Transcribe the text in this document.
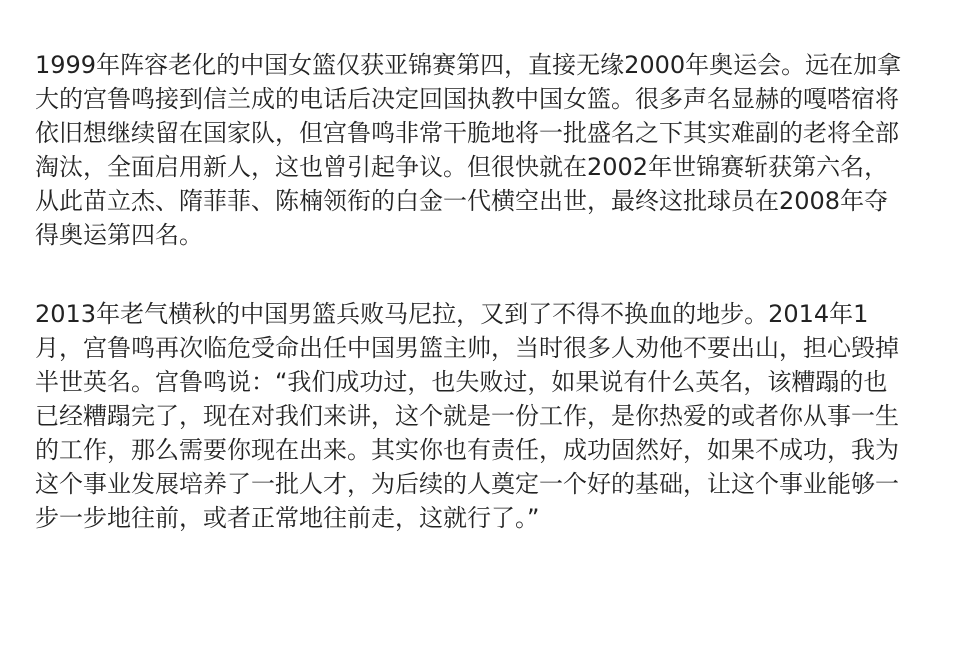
1999年阵容老化的中国女篮仅获亚锦赛第四，直接无缘2000年奥运会。远在加拿
大的宫鲁鸣接到信兰成的电话后决定回国执教中国女篮。很多声名显赫的嘎嗒宿将
依旧想继续留在国家队，但宫鲁鸣非常干脆地将一批盛名之下其实难副的老将全部
淘汰，全面启用新人，这也曾引起争议。但很快就在2002年世锦赛斩获第六名，
从此苗立杰、隋菲菲、陈楠领衔的白金一代横空出世，最终这批球员在2008年夺
得奥运第四名。

2013年老气横秋的中国男篮兵败马尼拉，又到了不得不换血的地步。2014年1
月，宫鲁鸣再次临危受命出任中国男篮主帅，当时很多人劝他不要出山，担心毁掉
半世英名。宫鲁鸣说：“我们成功过，也失败过，如果说有什么英名，该糟蹋的也
已经糟蹋完了，现在对我们来讲，这个就是一份工作，是你热爱的或者你从事一生
的工作，那么需要你现在出来。其实你也有责任，成功固然好，如果不成功，我为
这个事业发展培养了一批人才，为后续的人奠定一个好的基础，让这个事业能够一
步一步地往前，或者正常地往前走，这就行了。”
